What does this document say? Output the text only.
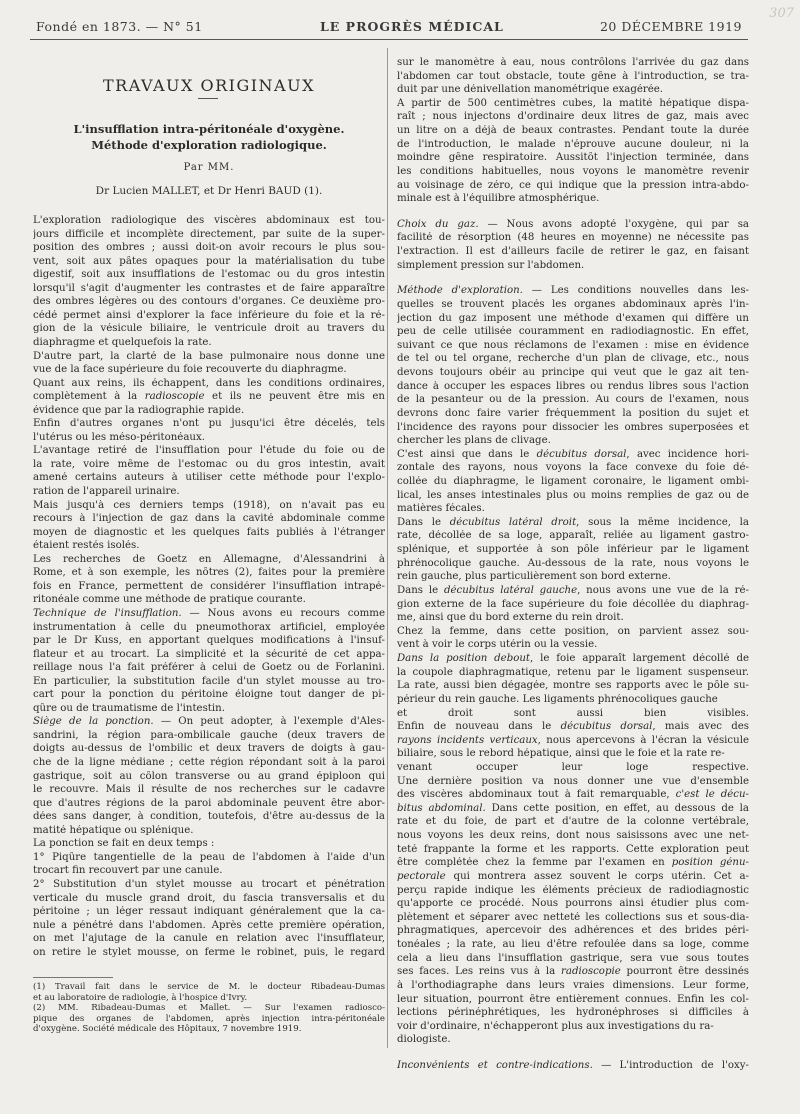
307
Fondé en 1873. — N° 51	LE PROGRÈS MÉDICAL	20 DÉCEMBRE 1919
TRAVAUX ORIGINAUX
L'insufflation intra-péritonéale d'oxygène.
Méthode d'exploration radiologique.
Par MM.
Dr Lucien MALLET, et Dr Henri BAUD (1).
L'exploration radiologique des viscères abdominaux est tou-
jours difficile et incomplète directement, par suite de la super-
position des ombres ; aussi doit-on avoir recours le plus sou-
vent, soit aux pâtes opaques pour la matérialisation du tube
digestif, soit aux insufflations de l'estomac ou du gros intestin
lorsqu'il s'agit d'augmenter les contrastes et de faire apparaître
des ombres légères ou des contours d'organes. Ce deuxième pro-
cédé permet ainsi d'explorer la face inférieure du foie et la ré-
gion de la vésicule biliaire, le ventricule droit au travers du
diaphragme et quelquefois la rate.
D'autre part, la clarté de la base pulmonaire nous donne une
vue de la face supérieure du foie recouverte du diaphragme.
Quant aux reins, ils échappent, dans les conditions ordinaires,
complètement à la radioscopie et ils ne peuvent être mis en
évidence que par la radiographie rapide.
Enfin d'autres organes n'ont pu jusqu'ici être décelés, tels
l'utérus ou les méso-péritonéaux.
L'avantage retiré de l'insufflation pour l'étude du foie ou de
la rate, voire même de l'estomac ou du gros intestin, avait
amené certains auteurs à utiliser cette méthode pour l'explo-
ration de l'appareil urinaire.
Mais jusqu'à ces derniers temps (1918), on n'avait pas eu
recours à l'injection de gaz dans la cavité abdominale comme
moyen de diagnostic et les quelques faits publiés à l'étranger
étaient restés isolés.
Les recherches de Goetz en Allemagne, d'Alessandrini à
Rome, et à son exemple, les nôtres (2), faites pour la première
fois en France, permettent de considérer l'insufflation intrapé-
ritonéale comme une méthode de pratique courante.
Technique de l'insufflation. — Nous avons eu recours comme
instrumentation à celle du pneumothorax artificiel, employée
par le Dr Kuss, en apportant quelques modifications à l'insuf-
flateur et au trocart. La simplicité et la sécurité de cet appa-
reillage nous l'a fait préférer à celui de Goetz ou de Forlanini.
En particulier, la substitution facile d'un stylet mousse au tro-
cart pour la ponction du péritoine éloigne tout danger de pi-
qûre ou de traumatisme de l'intestin.
Siège de la ponction. — On peut adopter, à l'exemple d'Ales-
sandrini, la région para-ombilicale gauche (deux travers de
doigts au-dessus de l'ombilic et deux travers de doigts à gau-
che de la ligne médiane ; cette région répondant soit à la paroi
gastrique, soit au côlon transverse ou au grand épiploon qui
le recouvre. Mais il résulte de nos recherches sur le cadavre
que d'autres régions de la paroi abdominale peuvent être abor-
dées sans danger, à condition, toutefois, d'être au-dessus de la
matité hépatique ou splénique.
La ponction se fait en deux temps :
1° Piqûre tangentielle de la peau de l'abdomen à l'aide d'un
trocart fin recouvert par une canule.
2° Substitution d'un stylet mousse au trocart et pénétration
verticale du muscle grand droit, du fascia transversalis et du
péritoine ; un léger ressaut indiquant généralement que la ca-
nule a pénétré dans l'abdomen. Après cette première opération,
on met l'ajutage de la canule en relation avec l'insufflateur,
on retire le stylet mousse, on ferme le robinet, puis, le regard
(1) Travail fait dans le service de M. le docteur Ribadeau-Dumas
et au laboratoire de radiologie, à l'hospice d'Ivry.
(2) MM. Ribadeau-Dumas et Mallet. — Sur l'examen radiosco-
pique des organes de l'abdomen, après injection intra-péritonéale
d'oxygène. Société médicale des Hôpitaux, 7 novembre 1919.
sur le manomètre à eau, nous contrôlons l'arrivée du gaz dans
l'abdomen car tout obstacle, toute gêne à l'introduction, se tra-
duit par une dénivellation manométrique exagérée.
A partir de 500 centimètres cubes, la matité hépatique dispa-
raît ; nous injectons d'ordinaire deux litres de gaz, mais avec
un litre on a déjà de beaux contrastes. Pendant toute la durée
de l'introduction, le malade n'éprouve aucune douleur, ni la
moindre gêne respiratoire. Aussitôt l'injection terminée, dans
les conditions habituelles, nous voyons le manomètre revenir
au voisinage de zéro, ce qui indique que la pression intra-abdo-
minale est à l'équilibre atmosphérique.
Choix du gaz. — Nous avons adopté l'oxygène, qui par sa
facilité de résorption (48 heures en moyenne) ne nécessite pas
l'extraction. Il est d'ailleurs facile de retirer le gaz, en faisant
simplement pression sur l'abdomen.
Méthode d'exploration. — Les conditions nouvelles dans les-
quelles se trouvent placés les organes abdominaux après l'in-
jection du gaz imposent une méthode d'examen qui diffère un
peu de celle utilisée couramment en radiodiagnostic. En effet,
suivant ce que nous réclamons de l'examen : mise en évidence
de tel ou tel organe, recherche d'un plan de clivage, etc., nous
devons toujours obéir au principe qui veut que le gaz ait ten-
dance à occuper les espaces libres ou rendus libres sous l'action
de la pesanteur ou de la pression. Au cours de l'examen, nous
devrons donc faire varier fréquemment la position du sujet et
l'incidence des rayons pour dissocier les ombres superposées et
chercher les plans de clivage.
C'est ainsi que dans le décubitus dorsal, avec incidence hori-
zontale des rayons, nous voyons la face convexe du foie dé-
collée du diaphragme, le ligament coronaire, le ligament ombi-
lical, les anses intestinales plus ou moins remplies de gaz ou de
matières fécales.
Dans le décubitus latéral droit, sous la même incidence, la
rate, décollée de sa loge, apparaît, reliée au ligament gastro-
splénique, et supportée à son pôle inférieur par le ligament
phrénocolique gauche. Au-dessous de la rate, nous voyons le
rein gauche, plus particulièrement son bord externe.
Dans le décubitus latéral gauche, nous avons une vue de la ré-
gion externe de la face supérieure du foie décollée du diaphrag-
me, ainsi que du bord externe du rein droit.
Chez la femme, dans cette position, on parvient assez sou-
vent à voir le corps utérin ou la vessie.
Dans la position debout, le foie apparaît largement décollé de
la coupole diaphragmatique, retenu par le ligament suspenseur.
La rate, aussi bien dégagée, montre ses rapports avec le pôle su-
périeur du rein gauche. Les ligaments phrénocoliques gauche
et droit sont aussi bien visibles.
Enfin de nouveau dans le décubitus dorsal, mais avec des
rayons incidents verticaux, nous apercevons à l'écran la vésicule
biliaire, sous le rebord hépatique, ainsi que le foie et la rate re-
venant occuper leur loge respective.
Une dernière position va nous donner une vue d'ensemble
des viscères abdominaux tout à fait remarquable, c'est le décu-
bitus abdominal. Dans cette position, en effet, au dessous de la
rate et du foie, de part et d'autre de la colonne vertébrale,
nous voyons les deux reins, dont nous saisissons avec une net-
teté frappante la forme et les rapports. Cette exploration peut
être complétée chez la femme par l'examen en position génu-
pectorale qui montrera assez souvent le corps utérin. Cet a-
perçu rapide indique les éléments précieux de radiodiagnostic
qu'apporte ce procédé. Nous pourrons ainsi étudier plus com-
plètement et séparer avec netteté les collections sus et sous-dia-
phragmatiques, apercevoir des adhérences et des brides péri-
tonéales ; la rate, au lieu d'être refoulée dans sa loge, comme
cela a lieu dans l'insufflation gastrique, sera vue sous toutes
ses faces. Les reins vus à la radioscopie pourront être dessinés
à l'orthodiagraphe dans leurs vraies dimensions. Leur forme,
leur situation, pourront être entièrement connues. Enfin les col-
lections périnéphrétiques, les hydronéphroses si difficiles à
voir d'ordinaire, n'échapperont plus aux investigations du ra-
diologiste.
Inconvénients et contre-indications. — L'introduction de l'oxy-
